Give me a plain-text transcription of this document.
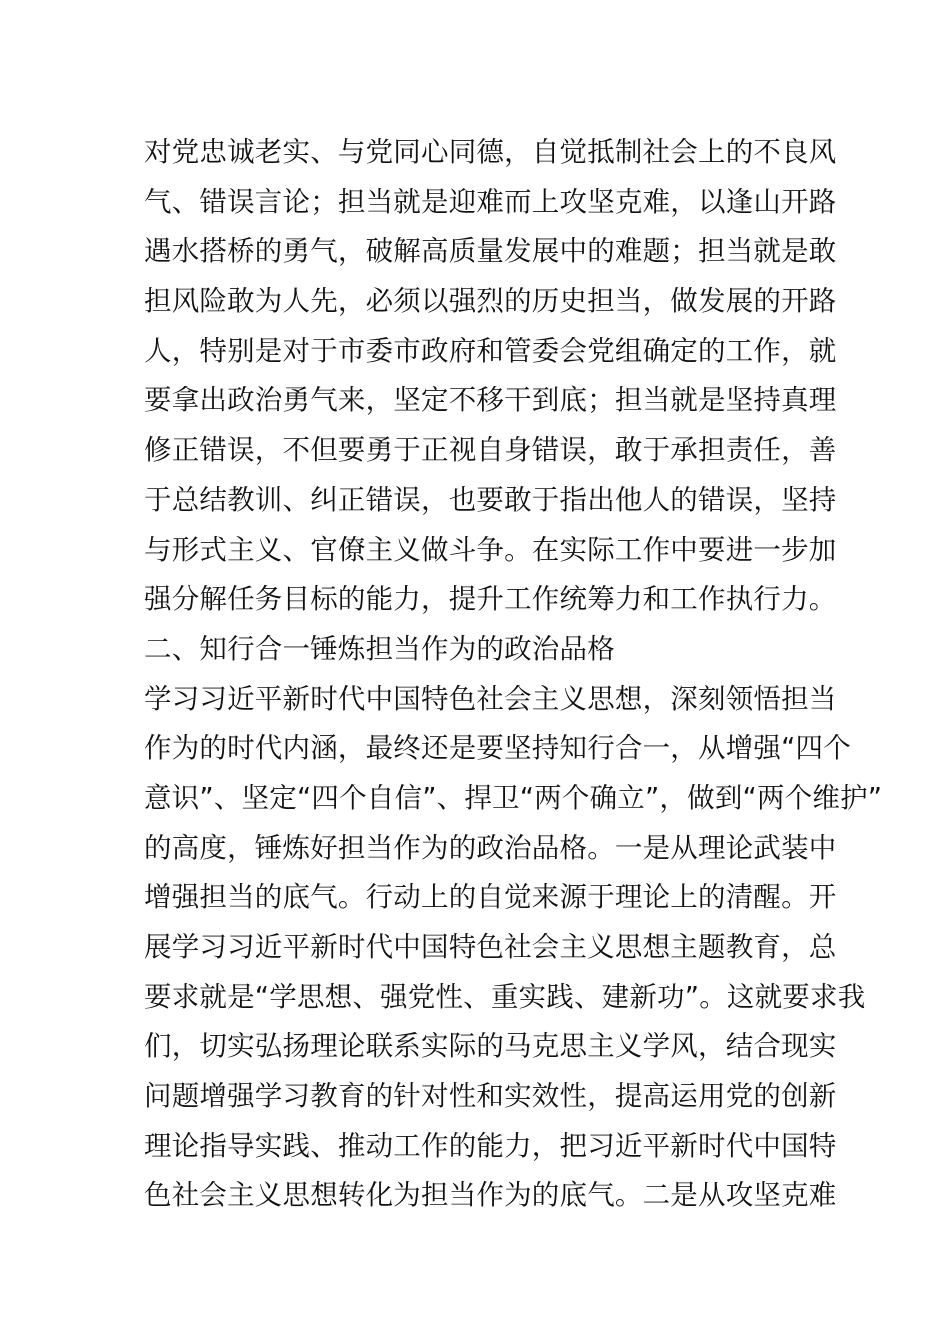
对党忠诚老实、与党同心同德，自觉抵制社会上的不良风
气、错误言论；担当就是迎难而上攻坚克难，以逢山开路
遇水搭桥的勇气，破解高质量发展中的难题；担当就是敢
担风险敢为人先，必须以强烈的历史担当，做发展的开路
人，特别是对于市委市政府和管委会党组确定的工作，就
要拿出政治勇气来，坚定不移干到底；担当就是坚持真理
修正错误，不但要勇于正视自身错误，敢于承担责任，善
于总结教训、纠正错误，也要敢于指出他人的错误，坚持
与形式主义、官僚主义做斗争。在实际工作中要进一步加
强分解任务目标的能力，提升工作统筹力和工作执行力。
二、知行合一锤炼担当作为的政治品格
学习习近平新时代中国特色社会主义思想，深刻领悟担当
作为的时代内涵，最终还是要坚持知行合一，从增强“四个
意识”、坚定“四个自信”、捍卫“两个确立”，做到“两个维护”
的高度，锤炼好担当作为的政治品格。一是从理论武装中
增强担当的底气。行动上的自觉来源于理论上的清醒。开
展学习习近平新时代中国特色社会主义思想主题教育，总
要求就是“学思想、强党性、重实践、建新功”。这就要求我
们，切实弘扬理论联系实际的马克思主义学风，结合现实
问题增强学习教育的针对性和实效性，提高运用党的创新
理论指导实践、推动工作的能力，把习近平新时代中国特
色社会主义思想转化为担当作为的底气。二是从攻坚克难
